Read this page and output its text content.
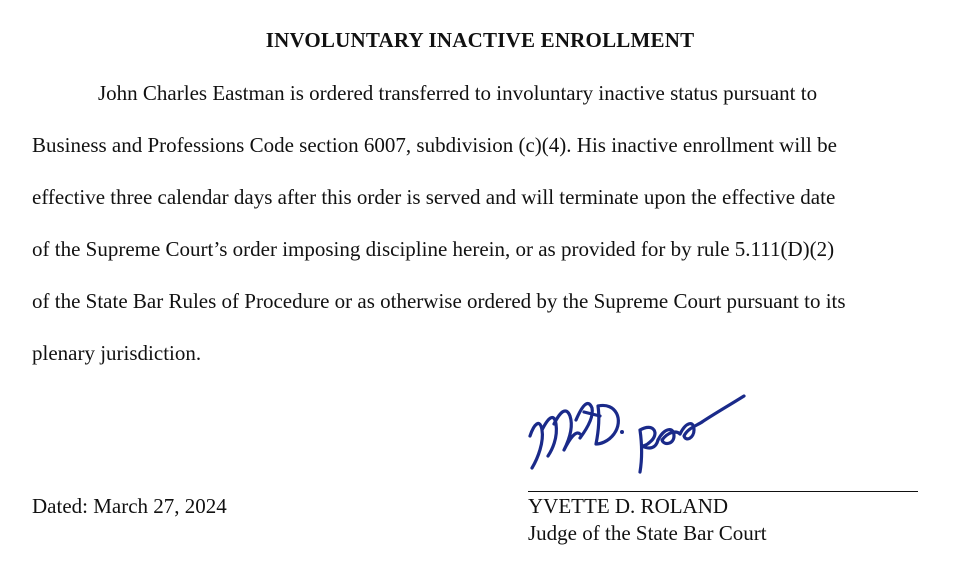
INVOLUNTARY INACTIVE ENROLLMENT
John Charles Eastman is ordered transferred to involuntary inactive status pursuant to
Business and Professions Code section 6007, subdivision (c)(4). His inactive enrollment will be
effective three calendar days after this order is served and will terminate upon the effective date
of the Supreme Court’s order imposing discipline herein, or as provided for by rule 5.111(D)(2)
of the State Bar Rules of Procedure or as otherwise ordered by the Supreme Court pursuant to its
plenary jurisdiction.
Dated: March 27, 2024	YVETTE D. ROLAND
Judge of the State Bar Court
